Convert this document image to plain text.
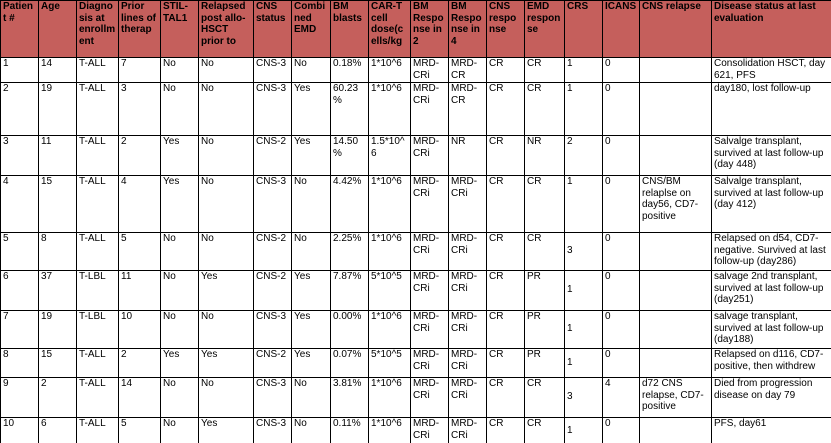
Patient #	Age	Diagnosis at enrollment	Prior lines of therap	STIL-TAL1	Relapsed post allo-HSCT prior to	CNS status	Combined EMD	BM blasts	CAR-T cell dose(cells/kg	BM Response in 2	BM Response in 4	CNS response	EMD response	CRS	ICANS	CNS relapse	Disease status at last evaluation
1	14	T-ALL	7	No	No	CNS-3	No	0.18%	1*10^6	MRD-CRi	MRD-CR	CR	CR	1	0		Consolidation HSCT, day 621, PFS
2	19	T-ALL	3	No	No	CNS-3	Yes	60.23%	1*10^6	MRD-CRi	MRD-CR	CR	CR	1	0		day180, lost follow-up
3	11	T-ALL	2	Yes	No	CNS-2	Yes	14.50%	1.5*10^6	MRD-CRi	NR	CR	NR	2	0		Salvalge transplant, survived at last follow-up (day 448)
4	15	T-ALL	4	Yes	No	CNS-3	No	4.42%	1*10^6	MRD-CRi	MRD-CRi	CR	CR	1	0	CNS/BM relaplse on day56, CD7-positive	Salvalge transplant, survived at last follow-up (day 412)
5	8	T-ALL	5	No	No	CNS-2	No	2.25%	1*10^6	MRD-CRi	MRD-CRi	CR	CR	3	0		Relapsed on d54, CD7-negative. Survived at last follow-up (day286)
6	37	T-LBL	11	No	Yes	CNS-2	Yes	7.87%	5*10^5	MRD-CRi	MRD-CRi	CR	PR	1	0		salvage 2nd transplant, survived at last follow-up (day251)
7	19	T-LBL	10	No	No	CNS-3	Yes	0.00%	1*10^6	MRD-CRi	MRD-CRi	CR	PR	1	0		salvage transplant, survived at last follow-up (day188)
8	15	T-ALL	2	Yes	Yes	CNS-2	Yes	0.07%	5*10^5	MRD-CRi	MRD-CRi	CR	PR	1	0		Relapsed on d116, CD7-positive, then withdrew
9	2	T-ALL	14	No	No	CNS-3	No	3.81%	1*10^6	MRD-CRi	MRD-CRi	CR	CR	3	4	d72 CNS relapse, CD7-positive	Died from progression disease on day 79
10	6	T-ALL	5	No	Yes	CNS-3	No	0.11%	1*10^6	MRD-CRi	MRD-CRi	CR	CR	1	0		PFS, day61
